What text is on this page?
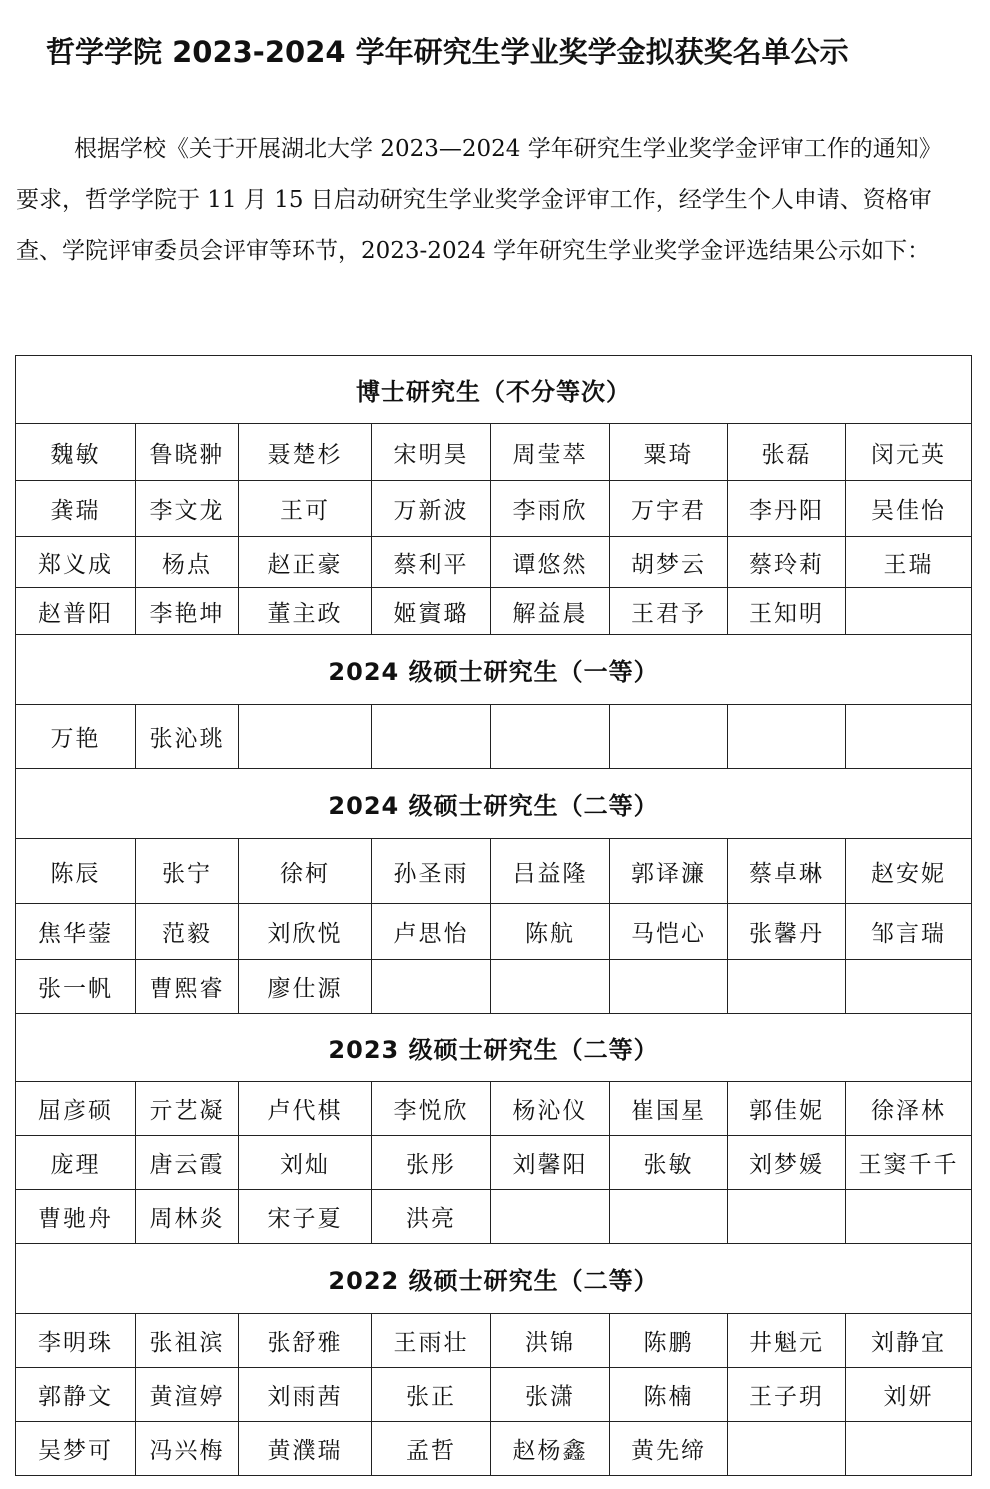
哲学学院 2023-2024 学年研究生学业奖学金拟获奖名单公示

根据学校《关于开展湖北大学 2023—2024 学年研究生学业奖学金评审工作的通知》要求，哲学学院于 11 月 15 日启动研究生学业奖学金评审工作，经学生个人申请、资格审查、学院评审委员会评审等环节，2023-2024 学年研究生学业奖学金评选结果公示如下：

博士研究生（不分等次）							
魏敏	鲁晓翀	聂楚杉	宋明昊	周莹萃	粟琦	张磊	闵元英
龚瑞	李文龙	王可	万新波	李雨欣	万宇君	李丹阳	吴佳怡
郑义成	杨点	赵正豪	蔡利平	谭悠然	胡梦云	蔡玲莉	王瑞
赵普阳	李艳坤	董主政	姬賨璐	解益晨	王君予	王知明	
2024 级硕士研究生（一等）							
万艳	张沁珧						
2024 级硕士研究生（二等）							
陈辰	张宁	徐柯	孙圣雨	吕益隆	郭译濂	蔡卓琳	赵安妮
焦华蓥	范毅	刘欣悦	卢思怡	陈航	马恺心	张馨丹	邹言瑞
张一帆	曹熙睿	廖仕源					
2023 级硕士研究生（二等）							
屈彦硕	亓艺凝	卢代棋	李悦欣	杨沁仪	崔国星	郭佳妮	徐泽林
庞理	唐云霞	刘灿	张彤	刘馨阳	张敏	刘梦媛	王窦千千
曹驰舟	周林炎	宋子夏	洪亮				
2022 级硕士研究生（二等）							
李明珠	张祖滨	张舒雅	王雨壮	洪锦	陈鹏	井魁元	刘静宜
郭静文	黄渲婷	刘雨茜	张正	张潇	陈楠	王子玥	刘妍
吴梦可	冯兴梅	黄濮瑞	孟哲	赵杨鑫	黄先缔		
